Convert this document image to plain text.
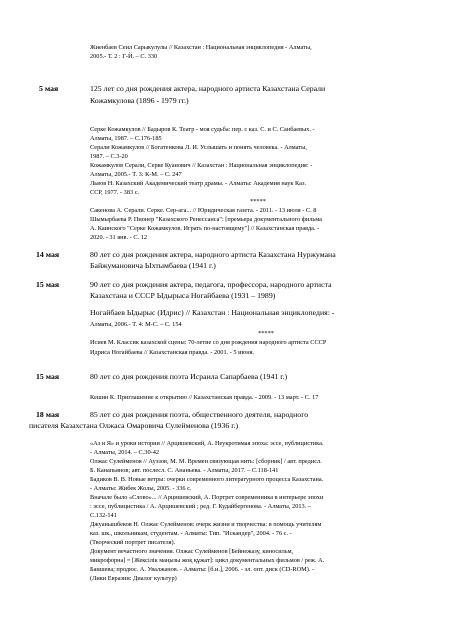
Жиенбаев Сеил Сарыкулулы // Казахстан : Национальная энциклопедия - Алматы,
2005.- Т. 2 : Г-Й. – С. 330
5 мая	125 лет со дня рождения актера, народного артиста Казахстана Серали
Кожамкулова (1896 - 1979 гг.)
Серке Кожамкулов // Бадыров К. Театр - моя судьба: пер. с каз. С. и С. Санбаевых. -
Алматы, 1987. – С.176-185
Серали Кожамкулов // Богатенкова Л. И. Услышать и понять человека. - Алматы,
1987. – С.3-20
Кожамкулов Серали, Серке Куанович // Казахстан : Национальная энциклопедия: -
Алматы, 2005.- Т. 3: К-М. – С. 247
Львов Н. Казахский Академический театр драмы. - Алматы: Академия наук Каз.
ССР, 1977. - 383 с.
*****
Сакенова А. Серали. Серке. Сер-ага... // Юридическая газета. - 2011. - 13 июля - С. 8
Шымырбаева Р. Пионер "Казахского Ренессанса": [премьера документального фильма
А. Каинского "Серке Кожамкулов. Играть по-настоящему"] // Казахстанская правда. -
2020. - 31 янв. - С. 12
14 мая	80 лет со дня рождения актера, народного артиста Казахстана Нуржумана
Байжумановича Ыхтымбаева (1941 г.)
15 мая	90 лет со дня рождения актера, педагога, профессора, народного артиста
Казахстана и СССР Ыдырыса Ногайбаева (1931 – 1989)
Ногайбаев Ыдырыс (Идрис) // Казахстан : Национальная энциклопедия: -
Алматы, 2006.- Т. 4: М-С. – С. 154
*****
Исиев М. Классик казахской сцены: 70-летие со дня рождения народного артиста СССР
Идриса Ногайбаева // Казахстанская правда. - 2001. - 5 июня.
15 мая	80 лет со дня рождения поэта Исраила Сапарбаева (1941 г.)
Кешин К. Приглашение к открытию // Казахстанская правда. - 2009. - 13 март. - С. 17
18 мая	85 лет со дня рождения поэта, общественного деятеля, народного
писателя Казахстана Олжаса Омаровича Сулейменова (1936 г.)
«Аз и Я» и уроки истории // Арцишевский, А. Неукротимая эпоха: эссе, публицистика.
- Алматы, 2014. – С.30-42
Олжас Сулейменов // Ауэзов, М. М. Времен связующая нить: [сборник] / авт. предисл.
Б. Канапьянов; авт. послесл. С. Ананьева. - Алматы, 2017. – С.118-141
Бадиков В. В. Новые ветры: очерки современного литературного процесса Казахстана.
- Алматы: Жибек Жолы, 2005. - 336 с.
Вначале было «Слово»... // Арцишевский, А. Портрет современника в интерьере эпохи
: эссе, публицистика / А. Арцишевский ; ред. Г. Кудайбергенова. - Алматы, 2013. –
С.132-141
Джуанышбеков Н. Олжас Сулейменов: очерк жизни и творчества: в помощь учителям
каз. шк., школьникам, студентам. - Алматы: Тип. "Искандер", 2004. - 76 с. -
(Творческий портрет писателя).
Документ вечастного значения. Олжас Сулейменов [Бейнежазу, киносильм,
микрофорна] = [Жексілік маңызы жоқ құжат]: цикл документальных фильмов / реж. А.
Баишева; продюс. А. Увалжанов. - Алматы: [б.и.], 2006. - эл. опт. диск (CD-ROM). -
(Лики Евразии: Диалог культур)
